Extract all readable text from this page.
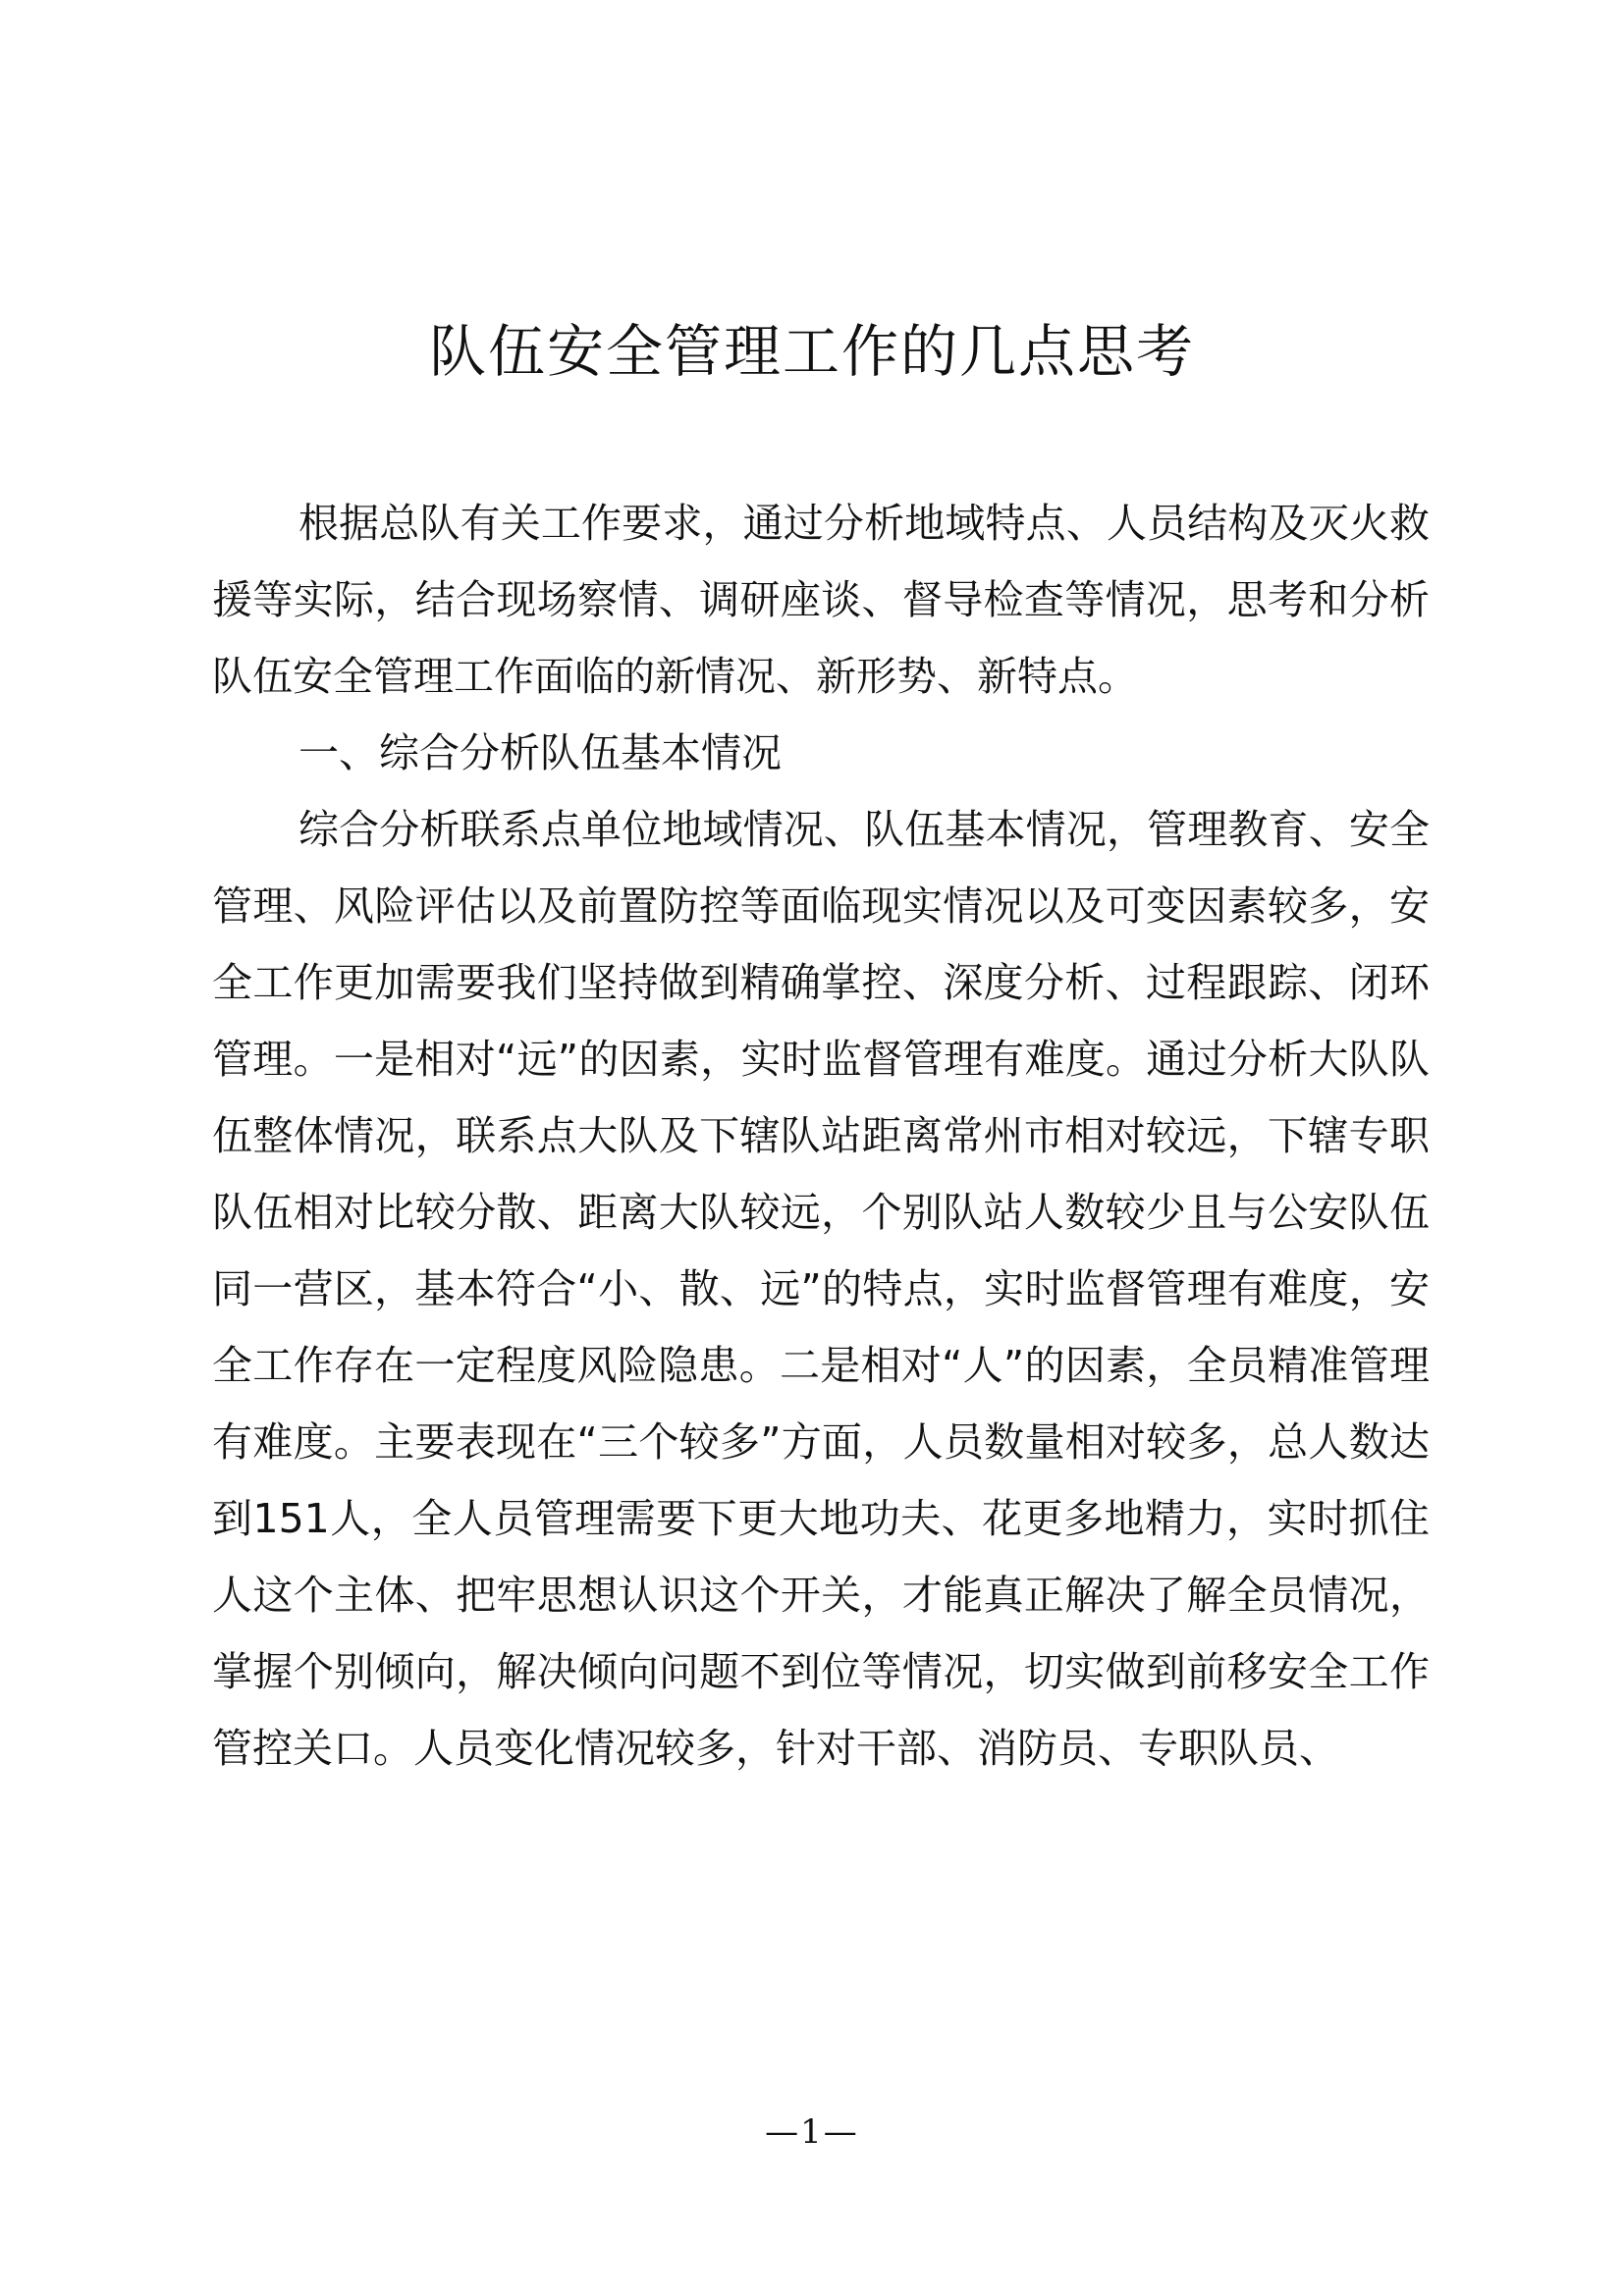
队伍安全管理工作的几点思考

根据总队有关工作要求，通过分析地域特点、人员结构及灭火救援等实际，结合现场察情、调研座谈、督导检查等情况，思考和分析队伍安全管理工作面临的新情况、新形势、新特点。

一、综合分析队伍基本情况

综合分析联系点单位地域情况、队伍基本情况，管理教育、安全管理、风险评估以及前置防控等面临现实情况以及可变因素较多，安全工作更加需要我们坚持做到精确掌控、深度分析、过程跟踪、闭环管理。一是相对“远”的因素，实时监督管理有难度。通过分析大队队伍整体情况，联系点大队及下辖队站距离常州市相对较远，下辖专职队伍相对比较分散、距离大队较远，个别队站人数较少且与公安队伍同一营区，基本符合“小、散、远”的特点，实时监督管理有难度，安全工作存在一定程度风险隐患。二是相对“人”的因素，全员精准管理有难度。主要表现在“三个较多”方面，人员数量相对较多，总人数达到151人，全人员管理需要下更大地功夫、花更多地精力，实时抓住人这个主体、把牢思想认识这个开关，才能真正解决了解全员情况，掌握个别倾向，解决倾向问题不到位等情况，切实做到前移安全工作管控关口。人员变化情况较多，针对干部、消防员、专职队员、

—1—
